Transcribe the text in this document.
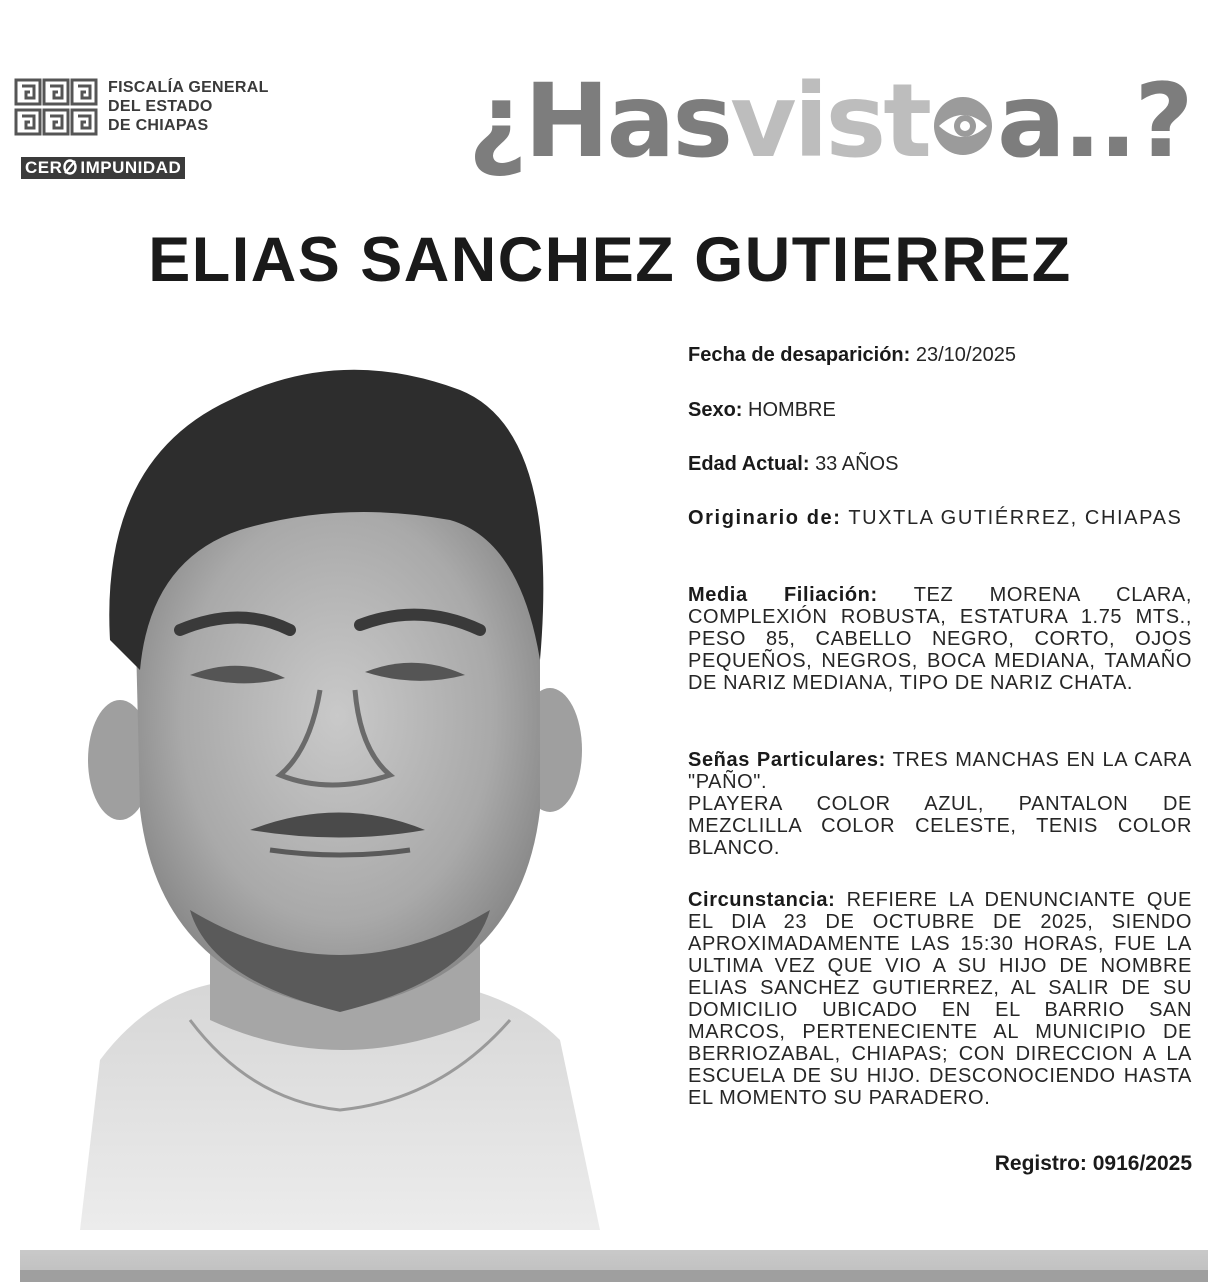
FISCALÍA GENERAL
DEL ESTADO
DE CHIAPAS
CER IMPUNIDAD	¿Hasvist a..?
ELIAS SANCHEZ GUTIERREZ

Fecha de desaparición: 23/10/2025

Sexo: HOMBRE

Edad Actual: 33 AÑOS

Originario de: TUXTLA GUTIÉRREZ, CHIAPAS

Media Filiación: TEZ MORENA CLARA, COMPLEXIÓN ROBUSTA, ESTATURA 1.75 MTS., PESO 85, CABELLO NEGRO, CORTO, OJOS PEQUEÑOS, NEGROS, BOCA MEDIANA, TAMAÑO DE NARIZ MEDIANA, TIPO DE NARIZ CHATA.

Señas Particulares: TRES MANCHAS EN LA CARA "PAÑO".
PLAYERA COLOR AZUL, PANTALON DE MEZCLILLA COLOR CELESTE, TENIS COLOR BLANCO.

Circunstancia: REFIERE LA DENUNCIANTE QUE EL DIA 23 DE OCTUBRE DE 2025, SIENDO APROXIMADAMENTE LAS 15:30 HORAS, FUE LA ULTIMA VEZ QUE VIO A SU HIJO DE NOMBRE ELIAS SANCHEZ GUTIERREZ, AL SALIR DE SU DOMICILIO UBICADO EN EL BARRIO SAN MARCOS, PERTENECIENTE AL MUNICIPIO DE BERRIOZABAL, CHIAPAS; CON DIRECCION A LA ESCUELA DE SU HIJO. DESCONOCIENDO HASTA EL MOMENTO SU PARADERO.

Registro: 0916/2025
